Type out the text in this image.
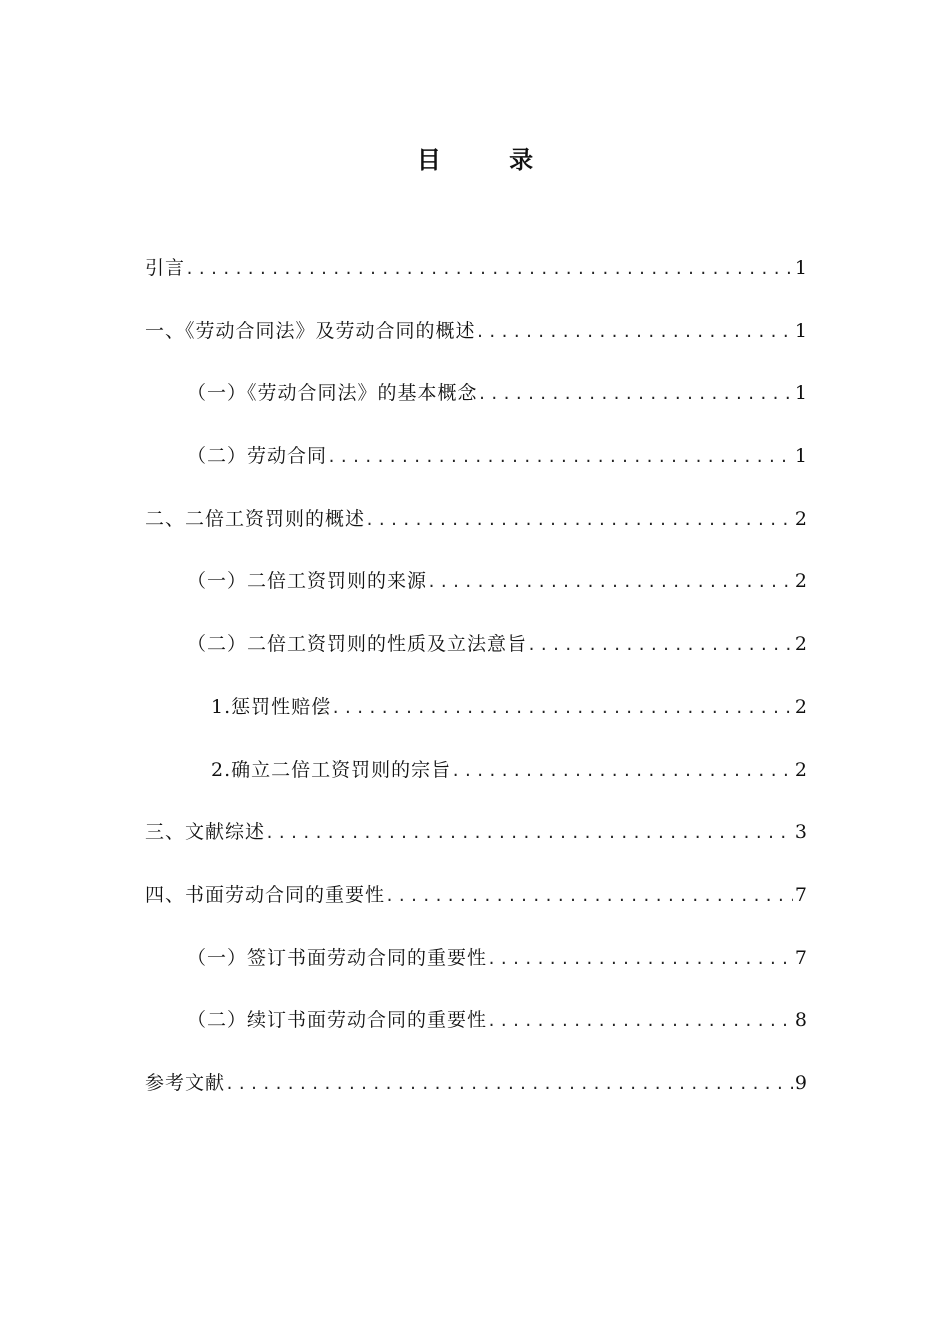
目 录
引言 .....	1
一、《劳动合同法》及劳动合同的概述 .....	1
（一）《劳动合同法》的基本概念 .....	1
（二）劳动合同 .....	1
二、二倍工资罚则的概述 .....	2
（一）二倍工资罚则的来源 .....	2
（二）二倍工资罚则的性质及立法意旨 .....	2
1.惩罚性赔偿 .....	2
2.确立二倍工资罚则的宗旨 .....	2
三、文献综述 .....	3
四、书面劳动合同的重要性 .....	7
（一）签订书面劳动合同的重要性 .....	7
（二）续订书面劳动合同的重要性 .....	8
参考文献 .....	9
